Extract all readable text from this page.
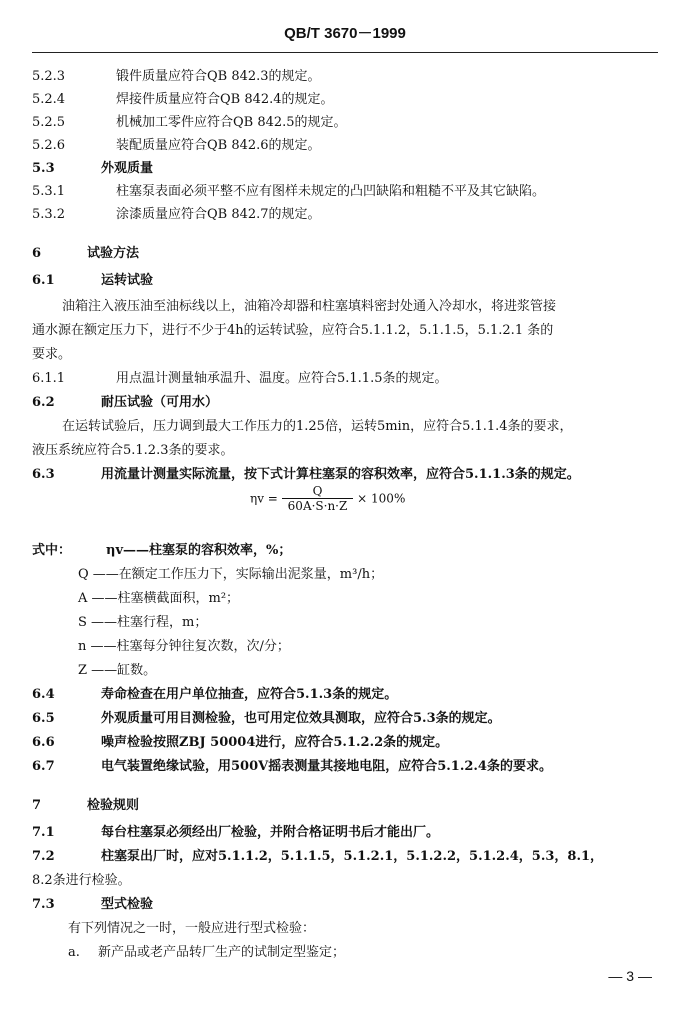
QB/T 3670－1999
5.2.3	锻件质量应符合QB 842.3的规定。
5.2.4	焊接件质量应符合QB 842.4的规定。
5.2.5	机械加工零件应符合QB 842.5的规定。
5.2.6	装配质量应符合QB 842.6的规定。
5.3	外观质量
5.3.1	柱塞泵表面必须平整不应有图样未规定的凸凹缺陷和粗糙不平及其它缺陷。
5.3.2	涂漆质量应符合QB 842.7的规定。
6	试验方法
6.1	运转试验
油箱注入液压油至油标线以上，油箱冷却器和柱塞填料密封处通入冷却水，将进浆管接
通水源在额定压力下，进行不少于4h的运转试验，应符合5.1.1.2，5.1.1.5，5.1.2.1 条的
要求。
6.1.1	用点温计测量轴承温升、温度。应符合5.1.1.5条的规定。
6.2	耐压试验（可用水）
在运转试验后，压力调到最大工作压力的1.25倍，运转5min，应符合5.1.1.4条的要求，
液压系统应符合5.1.2.3条的要求。
6.3	用流量计测量实际流量，按下式计算柱塞泵的容积效率，应符合5.1.1.3条的规定。
式中：	ηv——柱塞泵的容积效率，%；
Q ——在额定工作压力下，实际输出泥浆量，m³/h；
A ——柱塞横截面积，m²；
S ——柱塞行程，m；
n ——柱塞每分钟往复次数，次/分；
Z ——缸数。
6.4	寿命检查在用户单位抽查，应符合5.1.3条的规定。
6.5	外观质量可用目测检验，也可用定位效具测取，应符合5.3条的规定。
6.6	噪声检验按照ZBJ 50004进行，应符合5.1.2.2条的规定。
6.7	电气装置绝缘试验，用500V摇表测量其接地电阻，应符合5.1.2.4条的要求。
7	检验规则
7.1	每台柱塞泵必须经出厂检验，并附合格证明书后才能出厂。
7.2	柱塞泵出厂时，应对5.1.1.2，5.1.1.5，5.1.2.1，5.1.2.2，5.1.2.4，5.3，8.1，
8.2条进行检验。
7.3	型式检验
有下列情况之一时，一般应进行型式检验：
a. 新产品或老产品转厂生产的试制定型鉴定；
$\eta v = \frac{Q}{60A\cdot S\cdot n\cdot Z} \times 100\%$
— 3 —
